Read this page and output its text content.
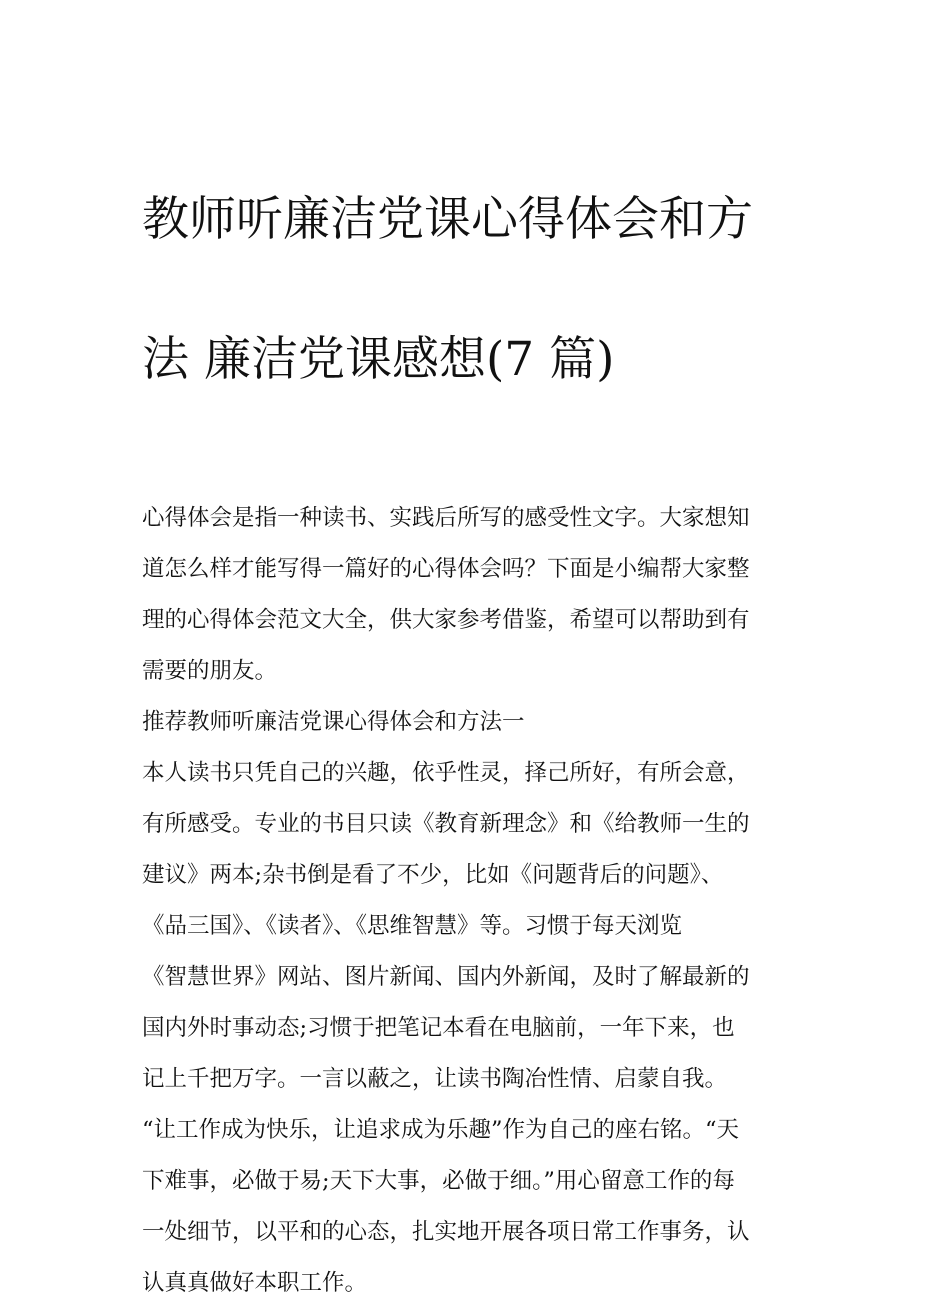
教师听廉洁党课心得体会和方

法 廉洁党课感想(7 篇)

心得体会是指一种读书、实践后所写的感受性文字。大家想知
道怎么样才能写得一篇好的心得体会吗？下面是小编帮大家整
理的心得体会范文大全，供大家参考借鉴，希望可以帮助到有
需要的朋友。
推荐教师听廉洁党课心得体会和方法一
本人读书只凭自己的兴趣，依乎性灵，择己所好，有所会意，
有所感受。专业的书目只读《教育新理念》和《给教师一生的
建议》两本;杂书倒是看了不少，比如《问题背后的问题》、
《品三国》、《读者》、《思维智慧》等。习惯于每天浏览
《智慧世界》网站、图片新闻、国内外新闻，及时了解最新的
国内外时事动态;习惯于把笔记本看在电脑前，一年下来，也
记上千把万字。一言以蔽之，让读书陶冶性情、启蒙自我。
“让工作成为快乐，让追求成为乐趣”作为自己的座右铭。“天
下难事，必做于易;天下大事，必做于细。”用心留意工作的每
一处细节，以平和的心态，扎实地开展各项日常工作事务，认
认真真做好本职工作。
